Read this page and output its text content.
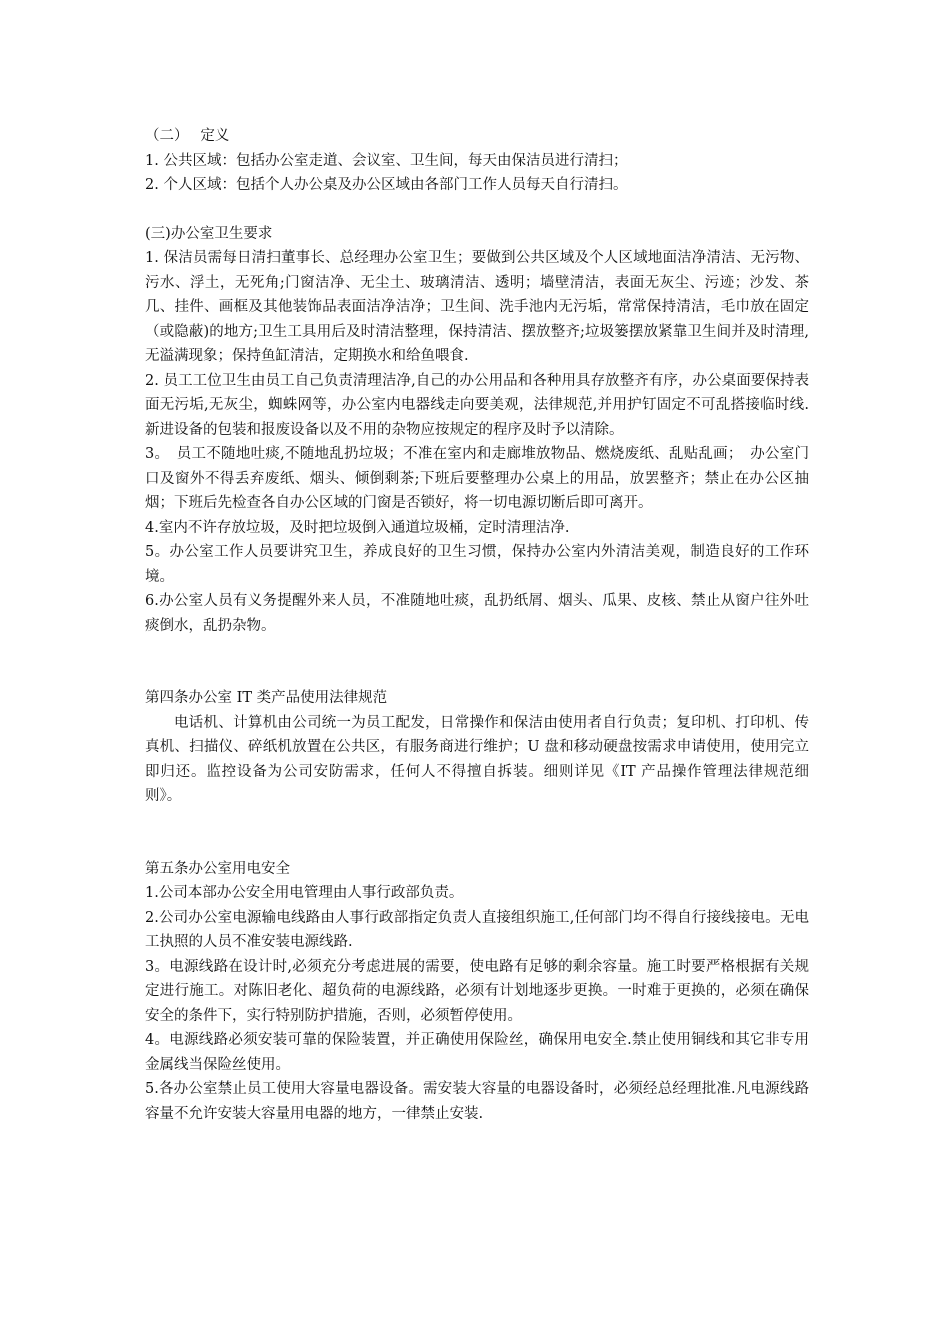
（二）　 定义
1. 公共区域：包括办公室走道、会议室、卫生间，每天由保洁员进行清扫；
2. 个人区域：包括个人办公桌及办公区域由各部门工作人员每天自行清扫。
(三)办公室卫生要求
1. 保洁员需每日清扫董事长、总经理办公室卫生；要做到公共区域及个人区域地面洁净清洁、无污物、污水、浮土，无死角;门窗洁净、无尘土、玻璃清洁、透明；墙壁清洁，表面无灰尘、污迹；沙发、茶几、挂件、画框及其他装饰品表面洁净洁净；卫生间、洗手池内无污垢，常常保持清洁，毛巾放在固定（或隐蔽)的地方;卫生工具用后及时清洁整理，保持清洁、摆放整齐;垃圾篓摆放紧靠卫生间并及时清理,无溢满现象；保持鱼缸清洁，定期换水和给鱼喂食.
2. 员工工位卫生由员工自己负责清理洁净,自己的办公用品和各种用具存放整齐有序，办公桌面要保持表面无污垢,无灰尘，蜘蛛网等，办公室内电器线走向要美观，法律规范,并用护钉固定不可乱搭接临时线. 新进设备的包装和报废设备以及不用的杂物应按规定的程序及时予以清除。
3。　员工不随地吐痰,不随地乱扔垃圾；不准在室内和走廊堆放物品、燃烧废纸、乱贴乱画；　办公室门口及窗外不得丢弃废纸、烟头、倾倒剩茶;下班后要整理办公桌上的用品，放罢整齐；禁止在办公区抽烟；下班后先检查各自办公区域的门窗是否锁好，将一切电源切断后即可离开。
4.室内不许存放垃圾，及时把垃圾倒入通道垃圾桶，定时清理洁净.
5。办公室工作人员要讲究卫生，养成良好的卫生习惯，保持办公室内外清洁美观，制造良好的工作环境。
6.办公室人员有义务提醒外来人员，不准随地吐痰，乱扔纸屑、烟头、瓜果、皮核、禁止从窗户往外吐痰倒水，乱扔杂物。
第四条办公室 IT 类产品使用法律规范
电话机、计算机由公司统一为员工配发，日常操作和保洁由使用者自行负责；复印机、打印机、传真机、扫描仪、碎纸机放置在公共区，有服务商进行维护；U 盘和移动硬盘按需求申请使用，使用完立即归还。监控设备为公司安防需求，任何人不得擅自拆装。细则详见《IT 产品操作管理法律规范细则》。
第五条办公室用电安全
1.公司本部办公安全用电管理由人事行政部负责。
2.公司办公室电源输电线路由人事行政部指定负责人直接组织施工,任何部门均不得自行接线接电。无电工执照的人员不准安装电源线路.
3。电源线路在设计时,必须充分考虑进展的需要，使电路有足够的剩余容量。施工时要严格根据有关规定进行施工。对陈旧老化、超负荷的电源线路，必须有计划地逐步更换。一时难于更换的，必须在确保安全的条件下，实行特别防护措施，否则，必须暂停使用。
4。电源线路必须安装可靠的保险装置，并正确使用保险丝，确保用电安全.禁止使用铜线和其它非专用金属线当保险丝使用。
5.各办公室禁止员工使用大容量电器设备。需安装大容量的电器设备时，必须经总经理批准.凡电源线路容量不允许安装大容量用电器的地方，一律禁止安装.
